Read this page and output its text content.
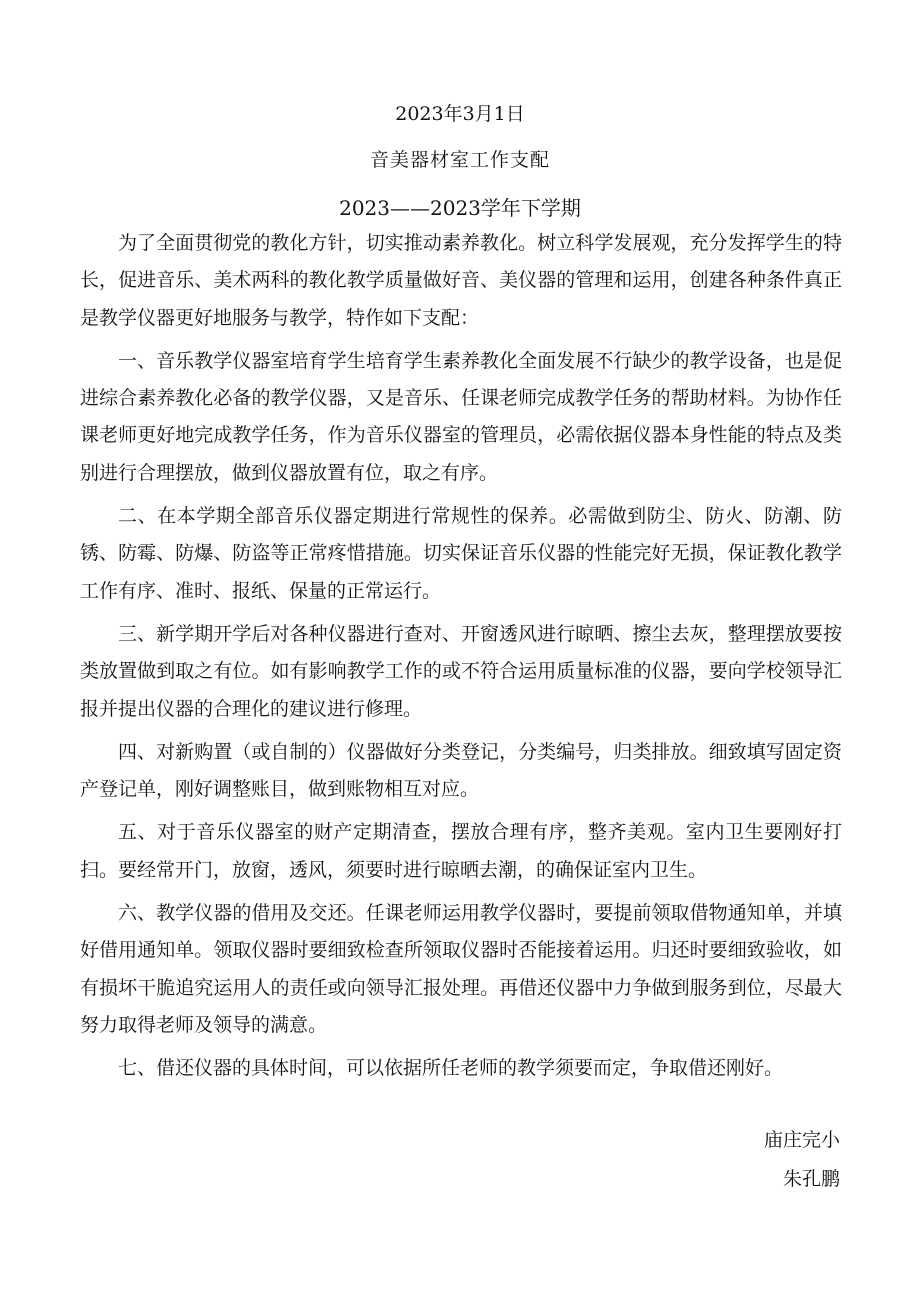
2023年3月1日
音美器材室工作支配
2023——2023学年下学期

为了全面贯彻党的教化方针，切实推动素养教化。树立科学发展观，充分发挥学生的特长，促进音乐、美术两科的教化教学质量做好音、美仪器的管理和运用，创建各种条件真正是教学仪器更好地服务与教学，特作如下支配：

一、音乐教学仪器室培育学生培育学生素养教化全面发展不行缺少的教学设备，也是促进综合素养教化必备的教学仪器，又是音乐、任课老师完成教学任务的帮助材料。为协作任课老师更好地完成教学任务，作为音乐仪器室的管理员，必需依据仪器本身性能的特点及类别进行合理摆放，做到仪器放置有位，取之有序。

二、在本学期全部音乐仪器定期进行常规性的保养。必需做到防尘、防火、防潮、防锈、防霉、防爆、防盗等正常疼惜措施。切实保证音乐仪器的性能完好无损，保证教化教学工作有序、准时、报纸、保量的正常运行。

三、新学期开学后对各种仪器进行查对、开窗透风进行晾晒、擦尘去灰，整理摆放要按类放置做到取之有位。如有影响教学工作的或不符合运用质量标准的仪器，要向学校领导汇报并提出仪器的合理化的建议进行修理。

四、对新购置（或自制的）仪器做好分类登记，分类编号，归类排放。细致填写固定资产登记单，刚好调整账目，做到账物相互对应。

五、对于音乐仪器室的财产定期清查，摆放合理有序，整齐美观。室内卫生要刚好打扫。要经常开门，放窗，透风，须要时进行晾晒去潮，的确保证室内卫生。

六、教学仪器的借用及交还。任课老师运用教学仪器时，要提前领取借物通知单，并填好借用通知单。领取仪器时要细致检查所领取仪器时否能接着运用。归还时要细致验收，如有损坏干脆追究运用人的责任或向领导汇报处理。再借还仪器中力争做到服务到位，尽最大努力取得老师及领导的满意。

七、借还仪器的具体时间，可以依据所任老师的教学须要而定，争取借还刚好。

庙庄完小
朱孔鹏
